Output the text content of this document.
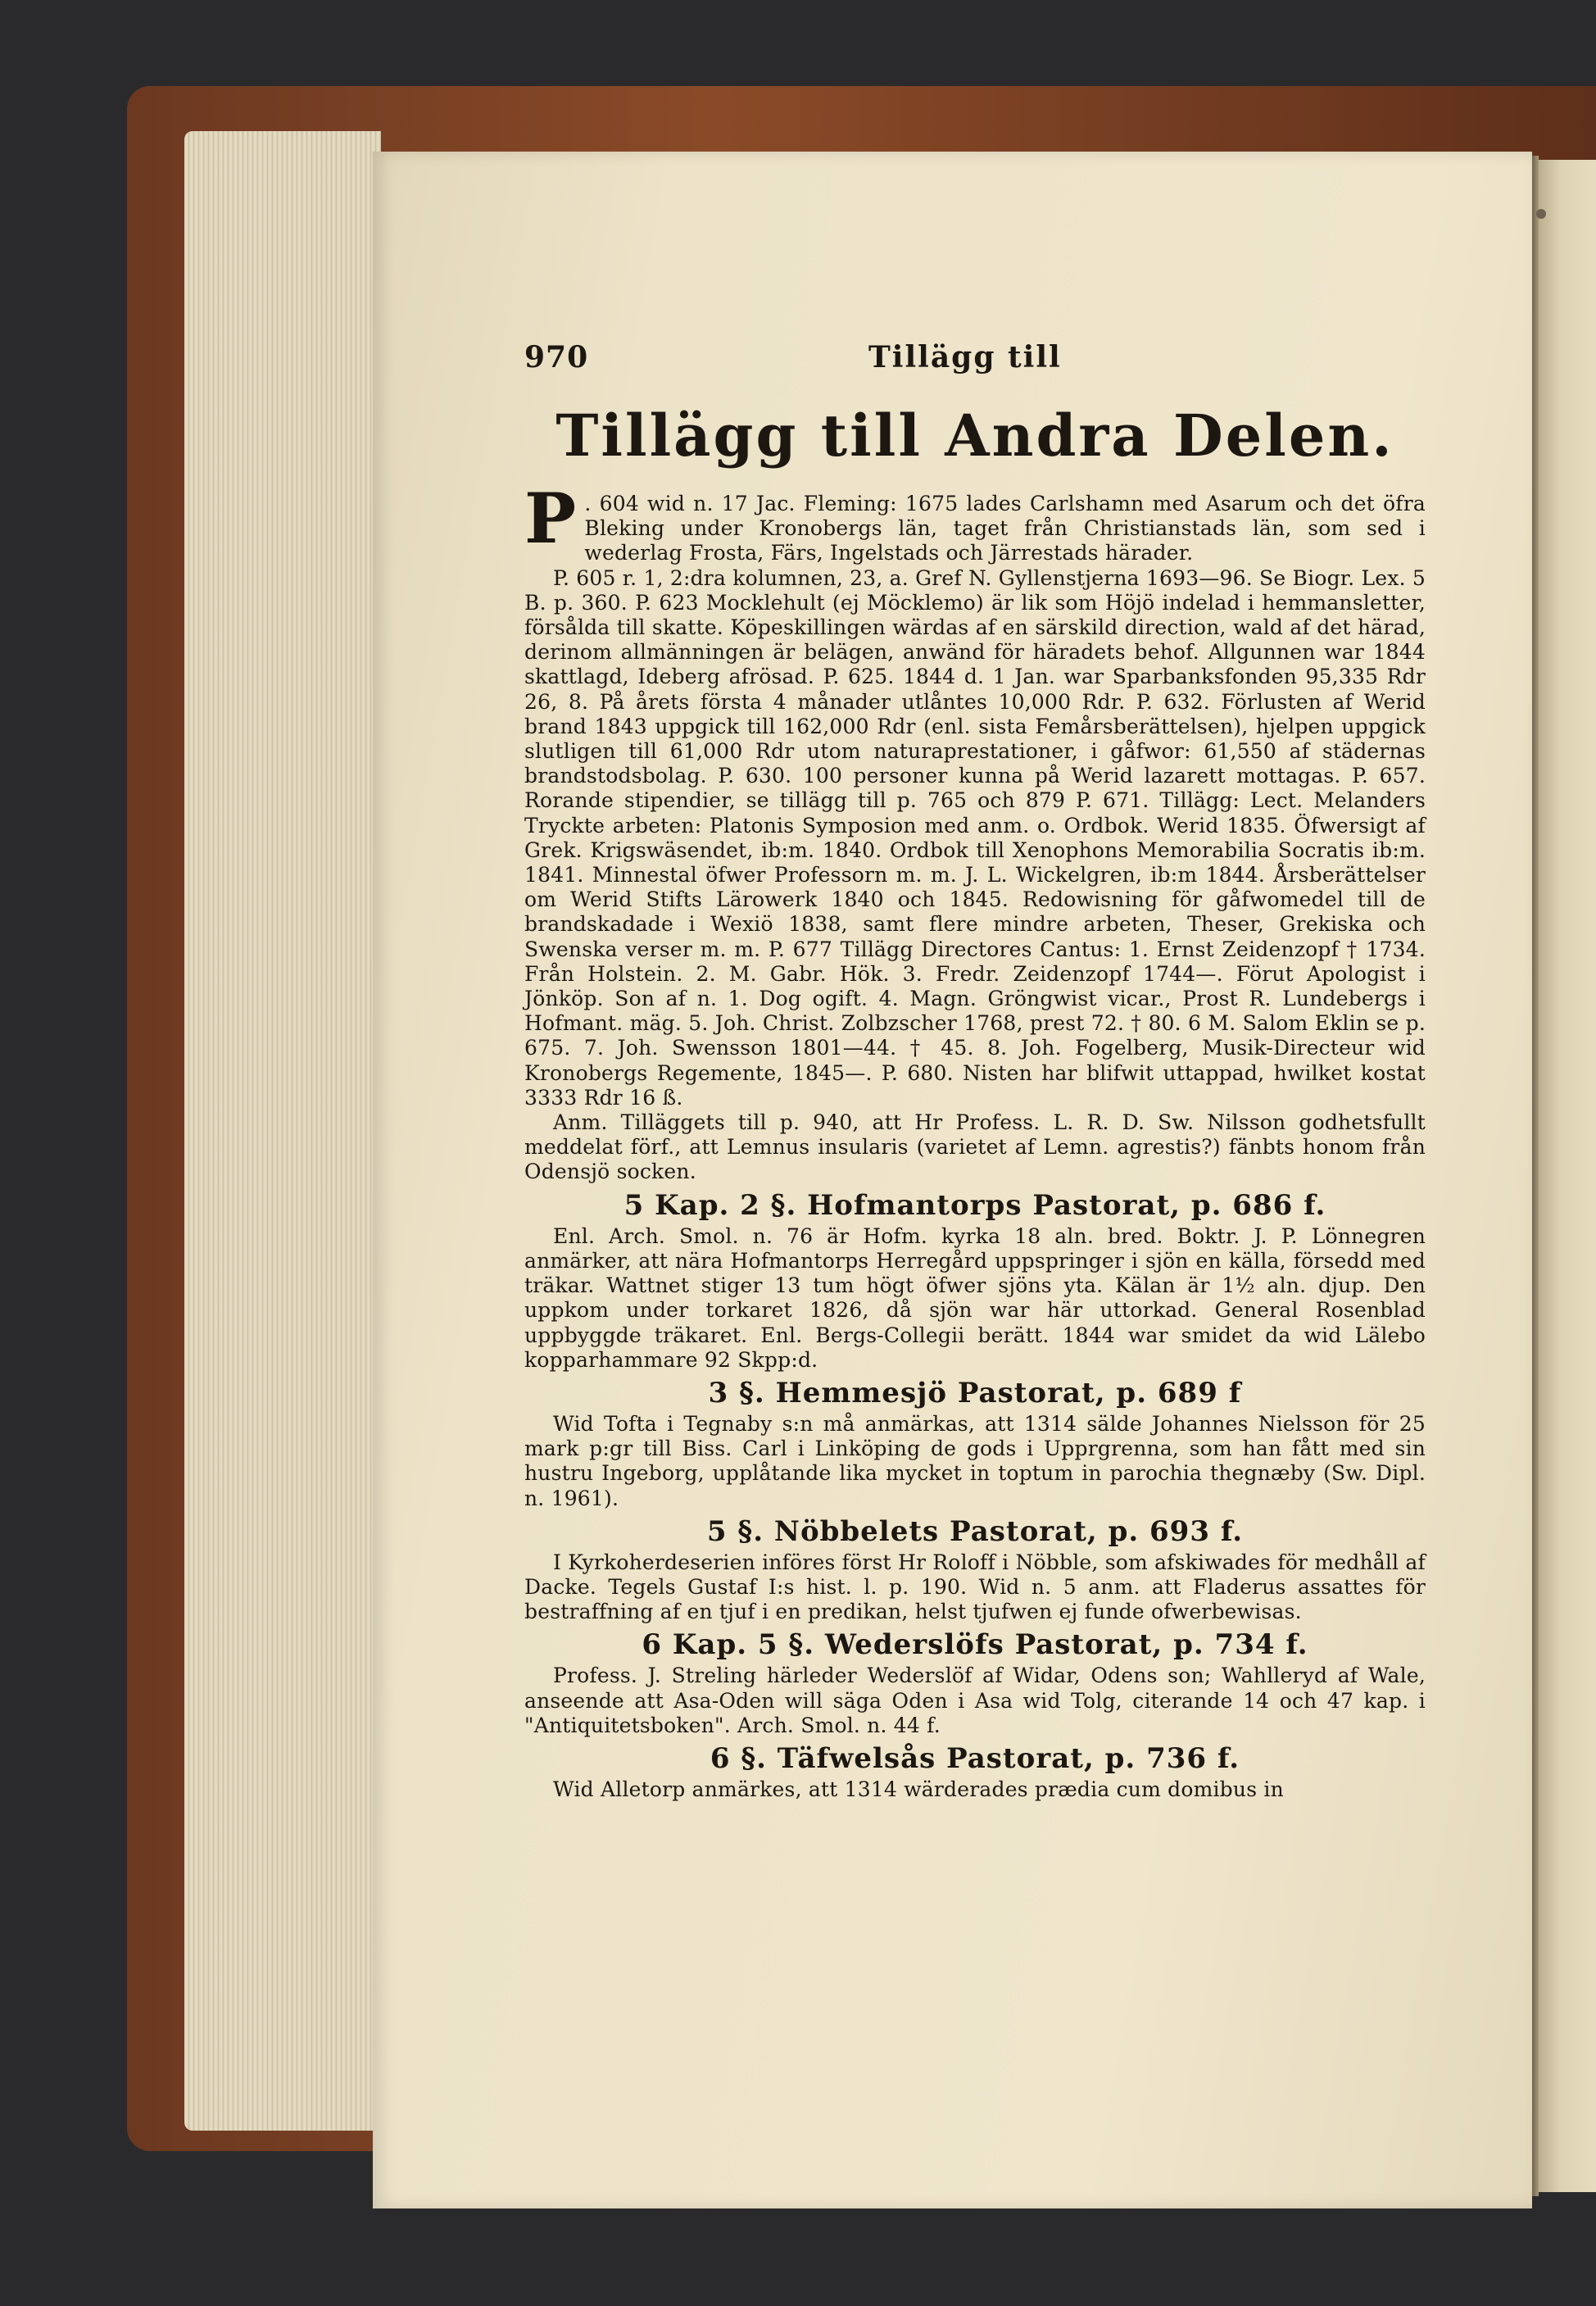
970	Tillägg till
Tillägg till Andra Delen.

P . 604 wid n. 17 Jac. Fleming: 1675 lades Carlshamn med Asarum och det öfra Bleking under Kronobergs län, taget från Christianstads län, som sed i wederlag Frosta, Färs, Ingelstads och Järrestads härader.

P. 605 r. 1, 2:dra kolumnen, 23, a. Gref N. Gyllenstjerna 1693—96. Se Biogr. Lex. 5 B. p. 360. P. 623 Mocklehult (ej Möcklemo) är lik som Höjö indelad i hemmansletter, försålda till skatte. Köpeskillingen wärdas af en särskild direction, wald af det härad, derinom allmänningen är belägen, anwänd för häradets behof. Allgunnen war 1844 skattlagd, Ideberg afrösad. P. 625. 1844 d. 1 Jan. war Sparbanksfonden 95,335 Rdr 26, 8. På årets första 4 månader utlåntes 10,000 Rdr. P. 632. Förlusten af Werid brand 1843 uppgick till 162,000 Rdr (enl. sista Femårsberättelsen), hjelpen uppgick slutligen till 61,000 Rdr utom naturaprestationer, i gåfwor: 61,550 af städernas brandstodsbolag. P. 630. 100 personer kunna på Werid lazarett mottagas. P. 657. Rorande stipendier, se tillägg till p. 765 och 879 P. 671. Tillägg: Lect. Melanders Tryckte arbeten: Platonis Symposion med anm. o. Ordbok. Werid 1835. Öfwersigt af Grek. Krigswäsendet, ib:m. 1840. Ordbok till Xenophons Memorabilia Socratis ib:m. 1841. Minnestal öfwer Professorn m. m. J. L. Wickelgren, ib:m 1844. Årsberättelser om Werid Stifts Lärowerk 1840 och 1845. Redowisning för gåfwomedel till de brandskadade i Wexiö 1838, samt flere mindre arbeten, Theser, Grekiska och Swenska verser m. m. P. 677 Tillägg Directores Cantus: 1. Ernst Zeidenzopf † 1734. Från Holstein. 2. M. Gabr. Hök. 3. Fredr. Zeidenzopf 1744—. Förut Apologist i Jönköp. Son af n. 1. Dog ogift. 4. Magn. Gröngwist vicar., Prost R. Lundebergs i Hofmant. mäg. 5. Joh. Christ. Zolbzscher 1768, prest 72. † 80. 6 M. Salom Eklin se p. 675. 7. Joh. Swensson 1801—44. † 45. 8. Joh. Fogelberg, Musik-Directeur wid Kronobergs Regemente, 1845—. P. 680. Nisten har blifwit uttappad, hwilket kostat 3333 Rdr 16 ß.

Anm. Tilläggets till p. 940, att Hr Profess. L. R. D. Sw. Nilsson godhetsfullt meddelat förf., att Lemnus insularis (varietet af Lemn. agrestis?) fänbts honom från Odensjö socken.

5 Kap. 2 §. Hofmantorps Pastorat, p. 686 f.

Enl. Arch. Smol. n. 76 är Hofm. kyrka 18 aln. bred. Boktr. J. P. Lönnegren anmärker, att nära Hofmantorps Herregård uppspringer i sjön en källa, försedd med träkar. Wattnet stiger 13 tum högt öfwer sjöns yta. Kälan är 1½ aln. djup. Den uppkom under torkaret 1826, då sjön war här uttorkad. General Rosenblad uppbyggde träkaret. Enl. Bergs-Collegii berätt. 1844 war smidet da wid Lälebo kopparhammare 92 Skpp:d.

3 §. Hemmesjö Pastorat, p. 689 f

Wid Tofta i Tegnaby s:n må anmärkas, att 1314 sälde Johannes Nielsson för 25 mark p:gr till Biss. Carl i Linköping de gods i Upprgrenna, som han fått med sin hustru Ingeborg, upplåtande lika mycket in toptum in parochia thegnæby (Sw. Dipl. n. 1961).

5 §. Nöbbelets Pastorat, p. 693 f.

I Kyrkoherdeserien införes först Hr Roloff i Nöbble, som afskiwades för medhåll af Dacke. Tegels Gustaf I:s hist. l. p. 190. Wid n. 5 anm. att Fladerus assattes för bestraffning af en tjuf i en predikan, helst tjufwen ej funde ofwerbewisas.

6 Kap. 5 §. Wederslöfs Pastorat, p. 734 f.

Profess. J. Streling härleder Wederslöf af Widar, Odens son; Wahlleryd af Wale, anseende att Asa-Oden will säga Oden i Asa wid Tolg, citerande 14 och 47 kap. i "Antiquitetsboken". Arch. Smol. n. 44 f.

6 §. Täfwelsås Pastorat, p. 736 f.

Wid Alletorp anmärkes, att 1314 wärderades prædia cum domibus in
